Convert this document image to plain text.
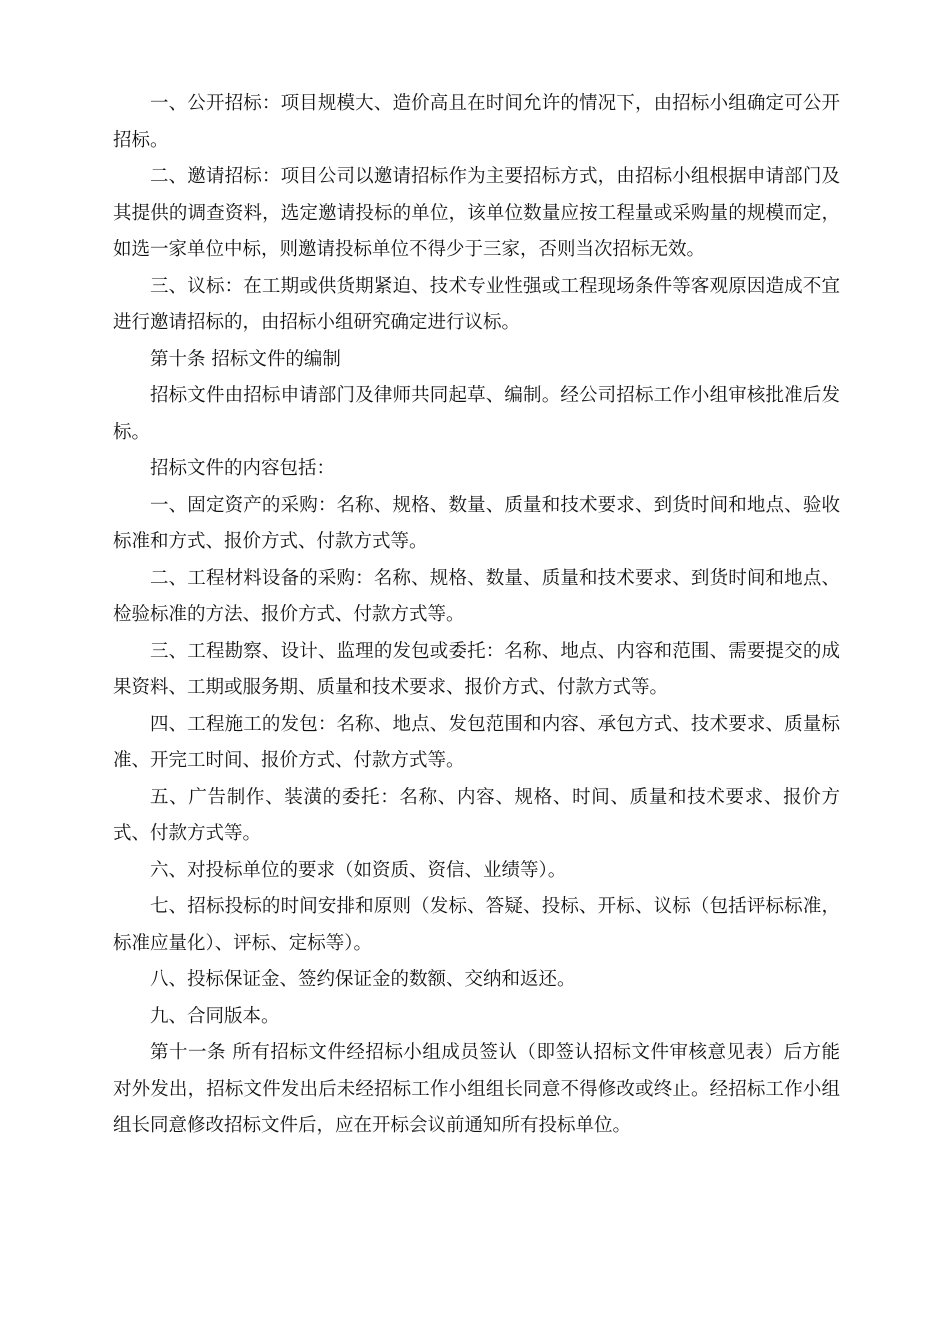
一、公开招标：项目规模大、造价高且在时间允许的情况下，由招标小组确定可公开招标。

二、邀请招标：项目公司以邀请招标作为主要招标方式，由招标小组根据申请部门及其提供的调查资料，选定邀请投标的单位，该单位数量应按工程量或采购量的规模而定，如选一家单位中标，则邀请投标单位不得少于三家，否则当次招标无效。

三、议标：在工期或供货期紧迫、技术专业性强或工程现场条件等客观原因造成不宜进行邀请招标的，由招标小组研究确定进行议标。

第十条 招标文件的编制

招标文件由招标申请部门及律师共同起草、编制。经公司招标工作小组审核批准后发标。

招标文件的内容包括：

一、固定资产的采购：名称、规格、数量、质量和技术要求、到货时间和地点、验收标准和方式、报价方式、付款方式等。

二、工程材料设备的采购：名称、规格、数量、质量和技术要求、到货时间和地点、检验标准的方法、报价方式、付款方式等。

三、工程勘察、设计、监理的发包或委托：名称、地点、内容和范围、需要提交的成果资料、工期或服务期、质量和技术要求、报价方式、付款方式等。

四、工程施工的发包：名称、地点、发包范围和内容、承包方式、技术要求、质量标准、开完工时间、报价方式、付款方式等。

五、广告制作、装潢的委托：名称、内容、规格、时间、质量和技术要求、报价方式、付款方式等。

六、对投标单位的要求（如资质、资信、业绩等）。

七、招标投标的时间安排和原则（发标、答疑、投标、开标、议标（包括评标标准，标准应量化）、评标、定标等）。

八、投标保证金、签约保证金的数额、交纳和返还。

九、合同版本。

第十一条 所有招标文件经招标小组成员签认（即签认招标文件审核意见表）后方能对外发出，招标文件发出后未经招标工作小组组长同意不得修改或终止。经招标工作小组组长同意修改招标文件后，应在开标会议前通知所有投标单位。
